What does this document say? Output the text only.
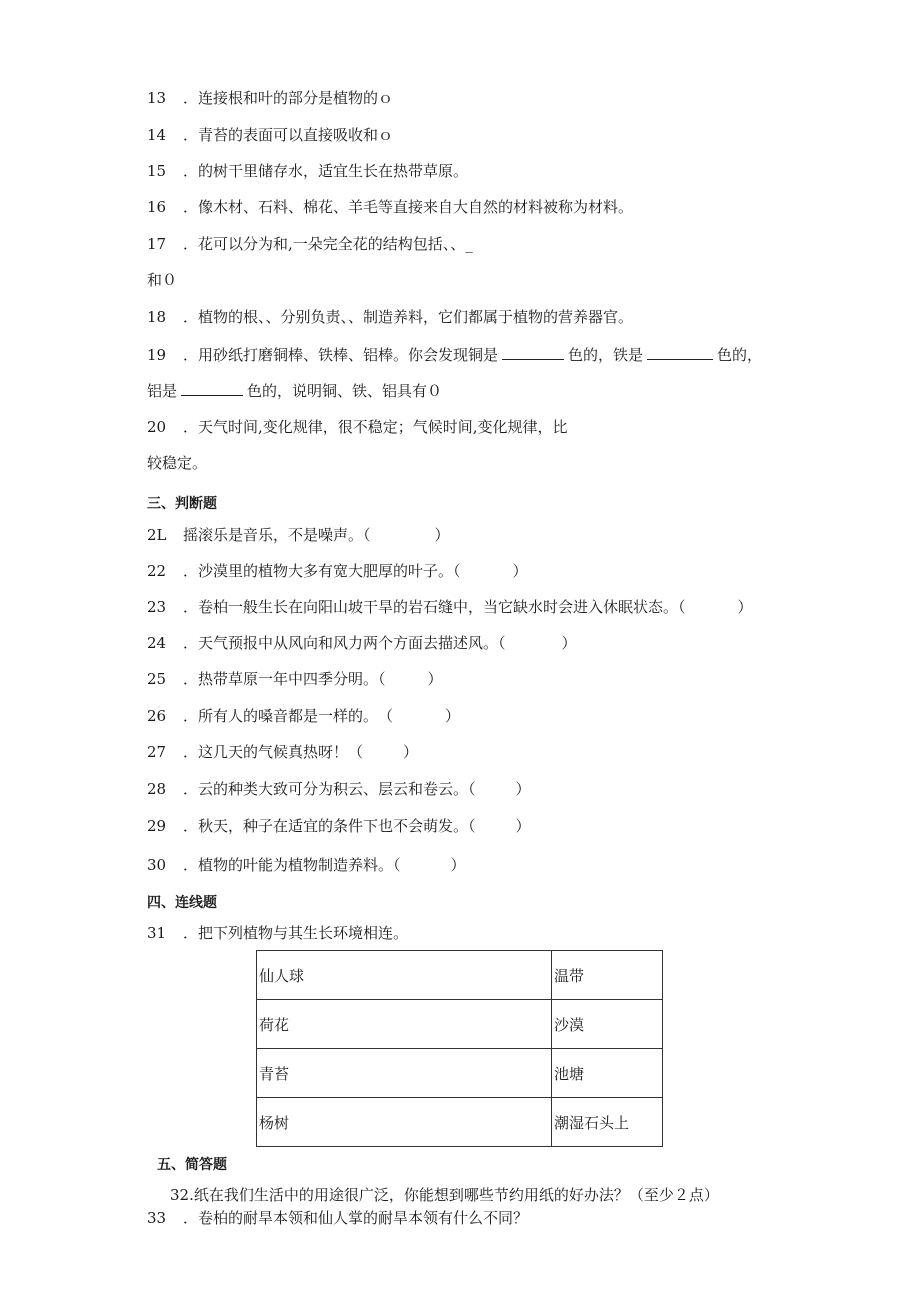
13 ．连接根和叶的部分是植物的ｏ
14 ．青苔的表面可以直接吸收和ｏ
15 ．的树干里储存水，适宜生长在热带草原。
16 ．像木材、石料、棉花、羊毛等直接来自大自然的材料被称为材料。
17 ．花可以分为和,一朵完全花的结构包括、、_
和０
18 ．植物的根、、分别负责、、制造养料，它们都属于植物的营养器官。
19 ．用砂纸打磨铜棒、铁棒、铝棒。你会发现铜是	色的，铁是	色的，
铝是	色的，说明铜、铁、铝具有０
20 ．天气时间,变化规律，很不稳定；气候时间,变化规律，比
较稳定。
三、判断题
2L 摇滚乐是音乐，不是噪声。（	）
22 ．沙漠里的植物大多有宽大肥厚的叶子。（	）
23 ．卷柏一般生长在向阳山坡干旱的岩石缝中，当它缺水时会进入休眠状态。（	）
24 ．天气预报中从风向和风力两个方面去描述风。（	）
25 ．热带草原一年中四季分明。（	）
26 ．所有人的嗓音都是一样的。　（	）
27 ．这几天的气候真热呀！（	）
28 ．云的种类大致可分为积云、层云和卷云。（	）
29 ．秋天，种子在适宜的条件下也不会萌发。（	）
30 ．植物的叶能为植物制造养料。（	）
四、连线题
31 ．把下列植物与其生长环境相连。
仙人球	温带
荷花	沙漠
青苔	池塘
杨树	潮湿石头上
五、简答题
32.纸在我们生活中的用途很广泛，你能想到哪些节约用纸的好办法？（至少２点）
33 ．卷柏的耐旱本领和仙人掌的耐旱本领有什么不同？
